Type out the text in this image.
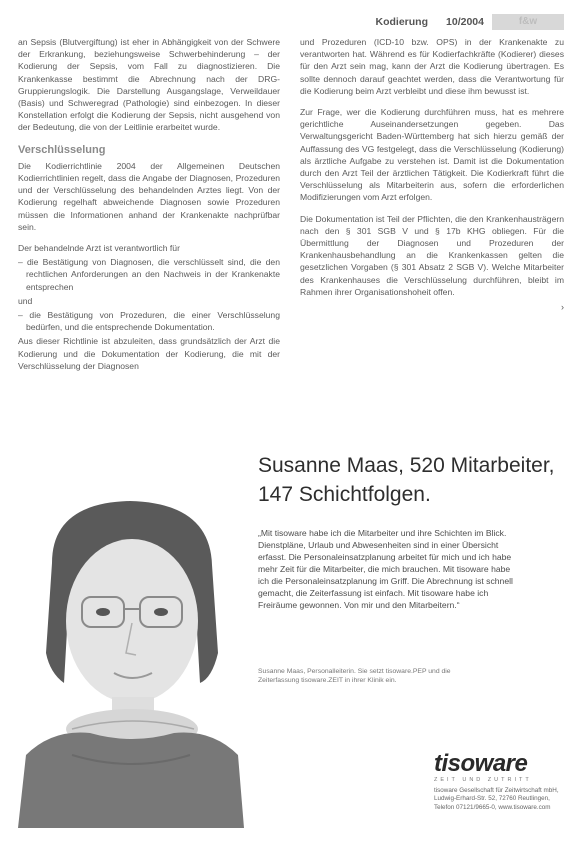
Kodierung 10/2004	f&w

an Sepsis (Blutvergiftung) ist eher in Abhängigkeit von der Schwere der Erkrankung, beziehungsweise Schwerbehinderung – der Kodierung der Sepsis, vom Fall zu diagnostizieren. Die Krankenkasse bestimmt die Abrechnung nach der DRG-Gruppierungslogik. Die Darstellung Ausgangslage, Verweildauer (Basis) und Schweregrad (Pathologie) sind einbezogen. In dieser Konstellation erfolgt die Kodierung der Sepsis, nicht ausgehend von der Bedeutung, die von der Leitlinie erarbeitet wurde.

Verschlüsselung

Die Kodierrichtlinie 2004 der Allgemeinen Deutschen Kodierrichtlinien regelt, dass die Angabe der Diagnosen, Prozeduren und der Verschlüsselung des behandelnden Arztes liegt. Von der Kodierung regelhaft abweichende Diagnosen sowie Prozeduren müssen die Informationen anhand der Krankenakte nachprüfbar sein.

Der behandelnde Arzt ist verantwortlich für

– die Bestätigung von Diagnosen, die verschlüsselt sind, die den rechtlichen Anforderungen an den Nachweis in der Krankenakte entsprechen

und

– die Bestätigung von Prozeduren, die einer Verschlüsselung bedürfen, und die entsprechende Dokumentation.

Aus dieser Richtlinie ist abzuleiten, dass grundsätzlich der Arzt die Kodierung und die Dokumentation der Kodierung, die mit der Verschlüsselung der Diagnosen

und Prozeduren (ICD-10 bzw. OPS) in der Krankenakte zu verantworten hat. Während es für Kodierfachkräfte (Kodierer) dieses für den Arzt sein mag, kann der Arzt die Kodierung übertragen. Es sollte dennoch darauf geachtet werden, dass die Verantwortung für die Kodierung beim Arzt verbleibt und diese ihm bewusst ist.

Zur Frage, wer die Kodierung durchführen muss, hat es mehrere gerichtliche Auseinandersetzungen gegeben. Das Verwaltungsgericht Baden-Württemberg hat sich hierzu gemäß der Auffassung des VG festgelegt, dass die Verschlüsselung (Kodierung) als ärztliche Aufgabe zu verstehen ist. Damit ist die Dokumentation durch den Arzt Teil der ärztlichen Tätigkeit. Die Kodierkraft führt die Verschlüsselung als Mitarbeiterin aus, sofern die erforderlichen Modifizierungen vom Arzt erfolgen.

Die Dokumentation ist Teil der Pflichten, die den Krankenhausträgern nach den § 301 SGB V und § 17b KHG obliegen. Für die Übermittlung der Diagnosen und Prozeduren der Krankenhausbehandlung an die Krankenkassen gelten die gesetzlichen Vorgaben (§ 301 Absatz 2 SGB V). Welche Mitarbeiter des Krankenhauses die Verschlüsselung durchführen, bleibt im Rahmen ihrer Organisationshoheit offen.

›
Susanne Maas, 520 Mitarbeiter, 147 Schichtfolgen.

„Mit tisoware habe ich die Mitarbeiter und ihre Schichten im Blick. Dienstpläne, Urlaub und Abwesenheiten sind in einer Übersicht erfasst. Die Personaleinsatzplanung arbeitet für mich und ich habe mehr Zeit für die Mitarbeiter, die mich brauchen. Mit tisoware habe ich die Personaleinsatzplanung im Griff. Die Abrechnung ist schnell gemacht, die Zeiterfassung ist einfach. Mit tisoware habe ich Freiräume gewonnen. Von mir und den Mitarbeitern.“

Susanne Maas, Personalleiterin. Sie setzt tisoware.PEP und die Zeiterfassung tisoware.ZEIT in ihrer Klinik ein.
tisoware
ZEIT UND ZUTRITT
tisoware Gesellschaft für Zeitwirtschaft mbH, Ludwig-Erhard-Str. 52, 72760 Reutlingen, Telefon 07121/9665-0, www.tisoware.com
